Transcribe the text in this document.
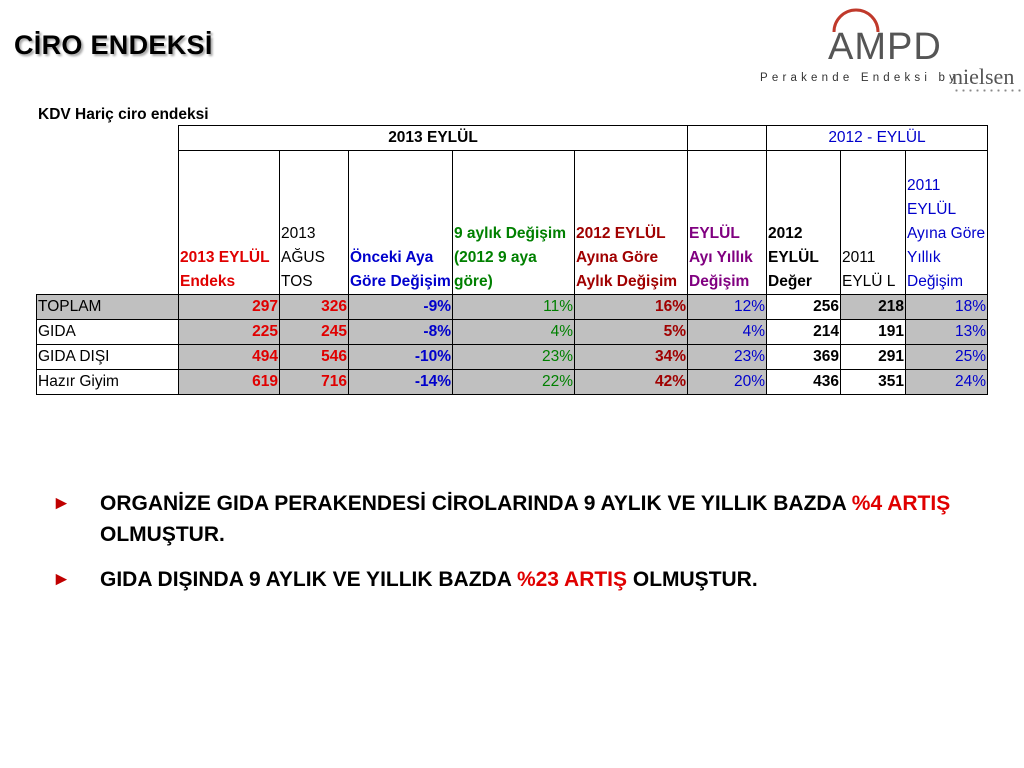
CİRO ENDEKSİ	AMPD
Perakende Endeksi by
nielsen
KDV Hariç ciro endeksi
	2013 EYLÜL						2012 - EYLÜL		
	2013 EYLÜL Endeks	2013 AĞUS TOS	Önceki Aya Göre Değişim	9 aylık Değişim (2012 9 aya göre)	2012 EYLÜL Ayına Göre Aylık Değişim	EYLÜL Ayı Yıllık Değişim	2012 EYLÜL Değer	2011 EYLÜ L	2011 EYLÜL Ayına Göre Yıllık Değişim
TOPLAM	297	326	-9%	11%	16%	12%	256	218	18%
GIDA	225	245	-8%	4%	5%	4%	214	191	13%
GIDA DIŞI	494	546	-10%	23%	34%	23%	369	291	25%
Hazır Giyim	619	716	-14%	22%	42%	20%	436	351	24%
► ORGANİZE GIDA PERAKENDESİ CİROLARINDA 9 AYLIK VE YILLIK BAZDA %4 ARTIŞ OLMUŞTUR.
► GIDA DIŞINDA 9 AYLIK VE YILLIK BAZDA %23 ARTIŞ OLMUŞTUR.
